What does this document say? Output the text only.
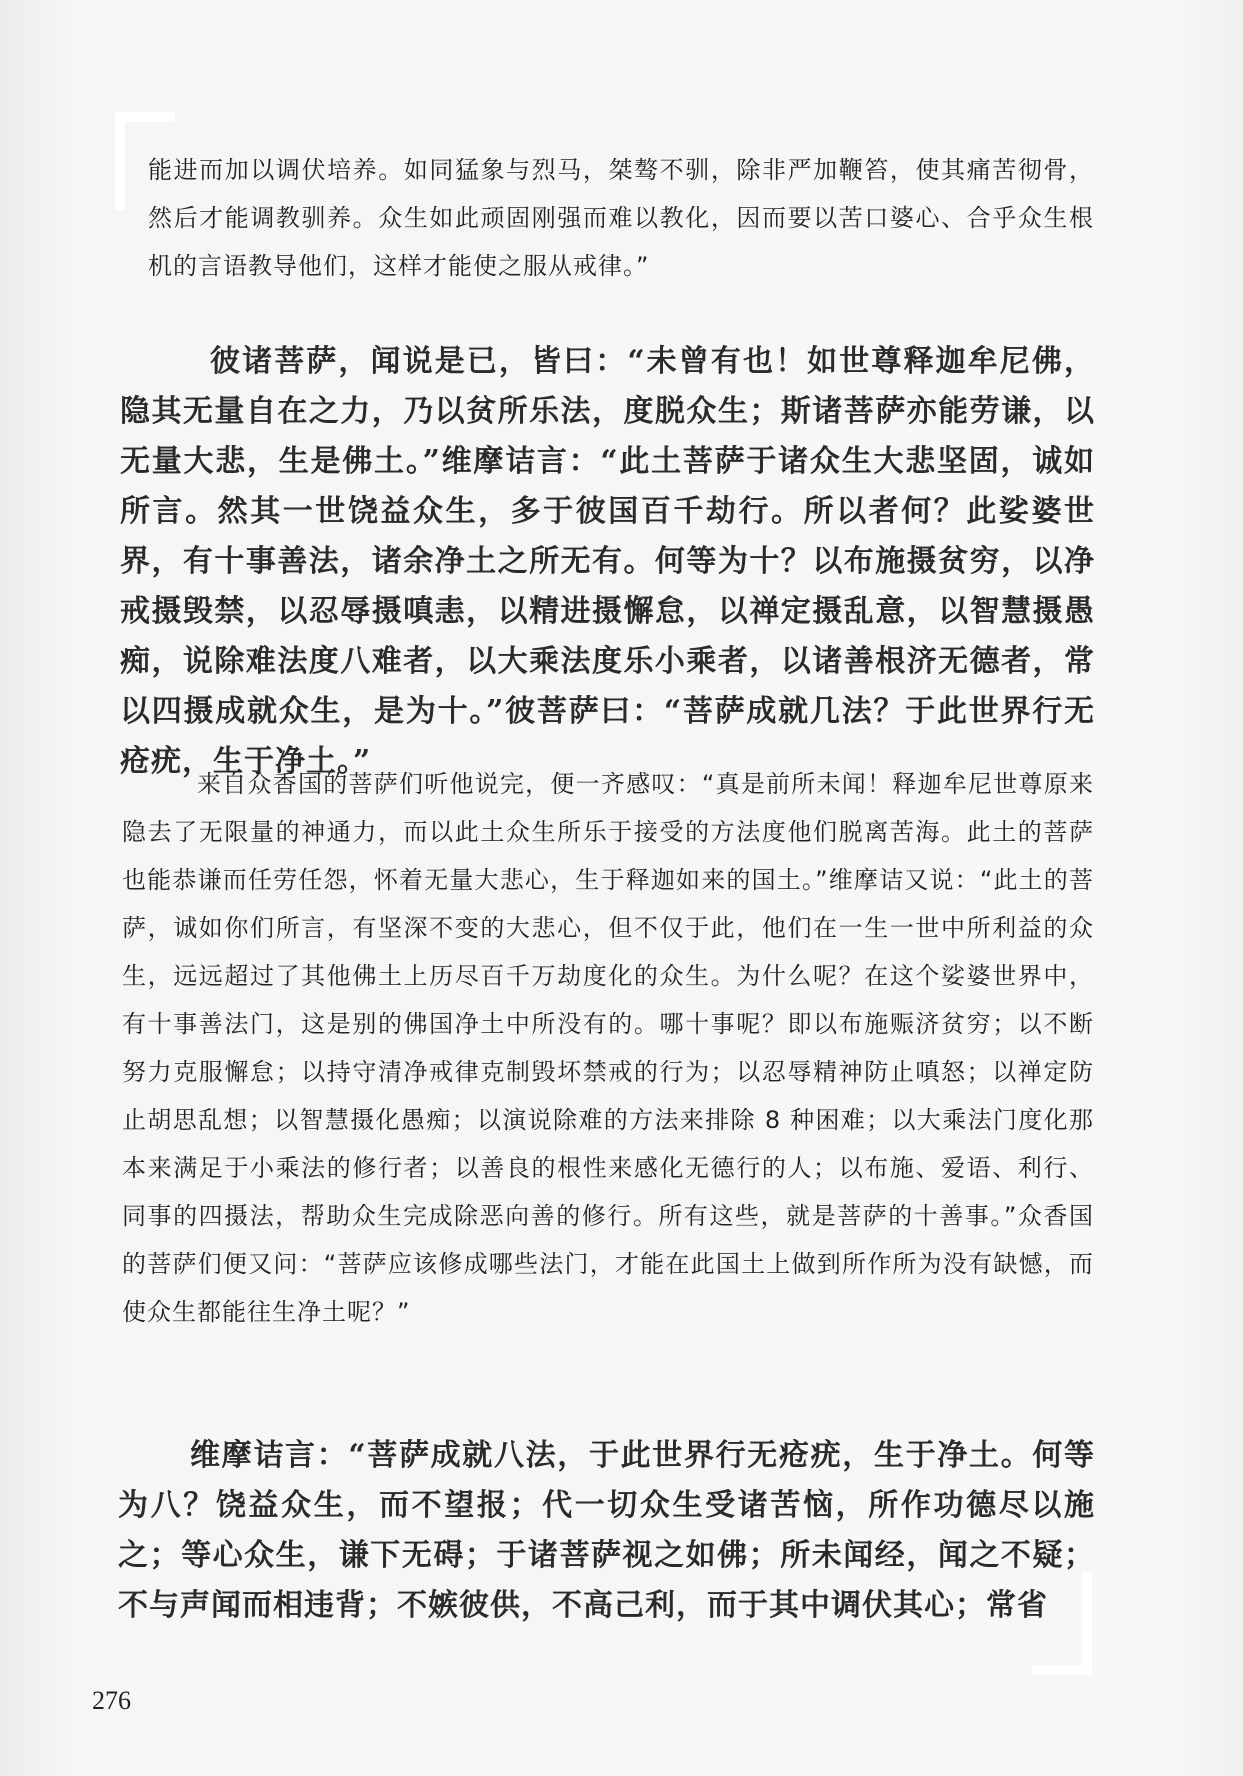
能进而加以调伏培养。如同猛象与烈马，桀骜不驯，除非严加鞭笞，使其痛苦彻骨，然后才能调教驯养。众生如此顽固刚强而难以教化，因而要以苦口婆心、合乎众生根机的言语教导他们，这样才能使之服从戒律。”

彼诸菩萨，闻说是已，皆曰：“未曾有也！如世尊释迦牟尼佛，隐其无量自在之力，乃以贫所乐法，度脱众生；斯诸菩萨亦能劳谦，以无量大悲，生是佛土。”维摩诘言：“此土菩萨于诸众生大悲坚固，诚如所言。然其一世饶益众生，多于彼国百千劫行。所以者何？此娑婆世界，有十事善法，诸余净土之所无有。何等为十？以布施摄贫穷，以净戒摄毁禁，以忍辱摄嗔恚，以精进摄懈怠，以禅定摄乱意，以智慧摄愚痴，说除难法度八难者，以大乘法度乐小乘者，以诸善根济无德者，常以四摄成就众生，是为十。”彼菩萨曰：“菩萨成就几法？于此世界行无疮疣，生于净土。”

来自众香国的菩萨们听他说完，便一齐感叹：“真是前所未闻！释迦牟尼世尊原来隐去了无限量的神通力，而以此土众生所乐于接受的方法度他们脱离苦海。此土的菩萨也能恭谦而任劳任怨，怀着无量大悲心，生于释迦如来的国土。”维摩诘又说：“此土的菩萨，诚如你们所言，有坚深不变的大悲心，但不仅于此，他们在一生一世中所利益的众生，远远超过了其他佛土上历尽百千万劫度化的众生。为什么呢？在这个娑婆世界中，有十事善法门，这是别的佛国净土中所没有的。哪十事呢？即以布施赈济贫穷；以不断努力克服懈怠；以持守清净戒律克制毁坏禁戒的行为；以忍辱精神防止嗔怒；以禅定防止胡思乱想；以智慧摄化愚痴；以演说除难的方法来排除 8 种困难；以大乘法门度化那本来满足于小乘法的修行者；以善良的根性来感化无德行的人；以布施、爱语、利行、同事的四摄法，帮助众生完成除恶向善的修行。所有这些，就是菩萨的十善事。”众香国的菩萨们便又问：“菩萨应该修成哪些法门，才能在此国土上做到所作所为没有缺憾，而使众生都能往生净土呢？”

维摩诘言：“菩萨成就八法，于此世界行无疮疣，生于净土。何等为八？饶益众生，而不望报；代一切众生受诸苦恼，所作功德尽以施之；等心众生，谦下无碍；于诸菩萨视之如佛；所未闻经，闻之不疑；不与声闻而相违背；不嫉彼供，不高己利，而于其中调伏其心；常省

276
